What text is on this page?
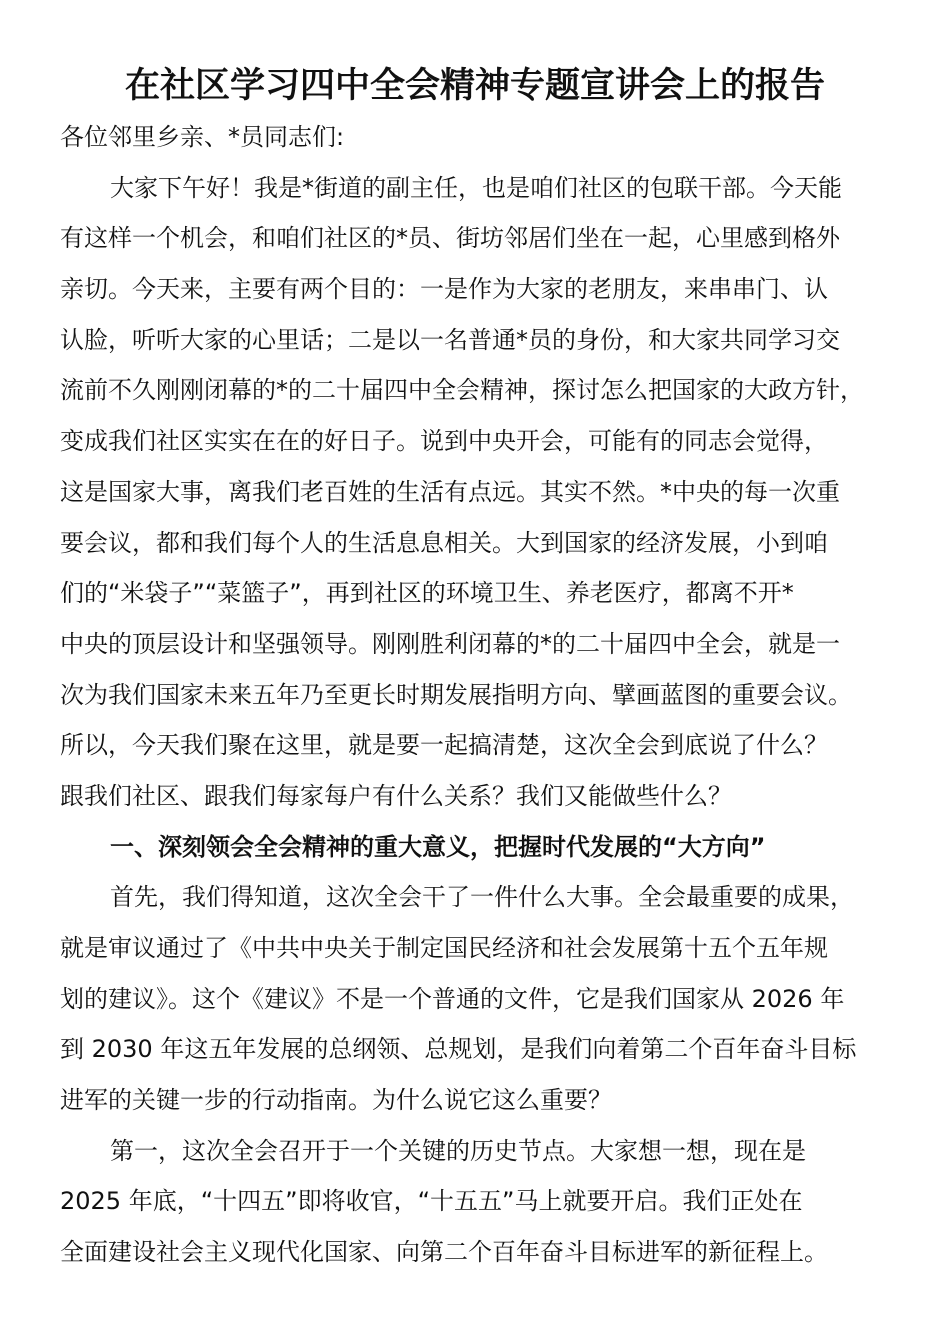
在社区学习四中全会精神专题宣讲会上的报告
各位邻里乡亲、*员同志们:
大家下午好！我是*街道的副主任，也是咱们社区的包联干部。今天能
有这样一个机会，和咱们社区的*员、街坊邻居们坐在一起，心里感到格外
亲切。今天来，主要有两个目的：一是作为大家的老朋友，来串串门、认
认脸，听听大家的心里话；二是以一名普通*员的身份，和大家共同学习交
流前不久刚刚闭幕的*的二十届四中全会精神，探讨怎么把国家的大政方针，
变成我们社区实实在在的好日子。说到中央开会，可能有的同志会觉得，
这是国家大事，离我们老百姓的生活有点远。其实不然。*中央的每一次重
要会议，都和我们每个人的生活息息相关。大到国家的经济发展，小到咱
们的“米袋子”“菜篮子”，再到社区的环境卫生、养老医疗，都离不开*
中央的顶层设计和坚强领导。刚刚胜利闭幕的*的二十届四中全会，就是一
次为我们国家未来五年乃至更长时期发展指明方向、擘画蓝图的重要会议。
所以，今天我们聚在这里，就是要一起搞清楚，这次全会到底说了什么？
跟我们社区、跟我们每家每户有什么关系？我们又能做些什么？
一、深刻领会全会精神的重大意义，把握时代发展的“大方向”
首先，我们得知道，这次全会干了一件什么大事。全会最重要的成果，
就是审议通过了《中共中央关于制定国民经济和社会发展第十五个五年规
划的建议》。这个《建议》不是一个普通的文件，它是我们国家从 2026 年
到 2030 年这五年发展的总纲领、总规划，是我们向着第二个百年奋斗目标
进军的关键一步的行动指南。为什么说它这么重要？
第一，这次全会召开于一个关键的历史节点。大家想一想，现在是
2025 年底，“十四五”即将收官，“十五五”马上就要开启。我们正处在
全面建设社会主义现代化国家、向第二个百年奋斗目标进军的新征程上。
